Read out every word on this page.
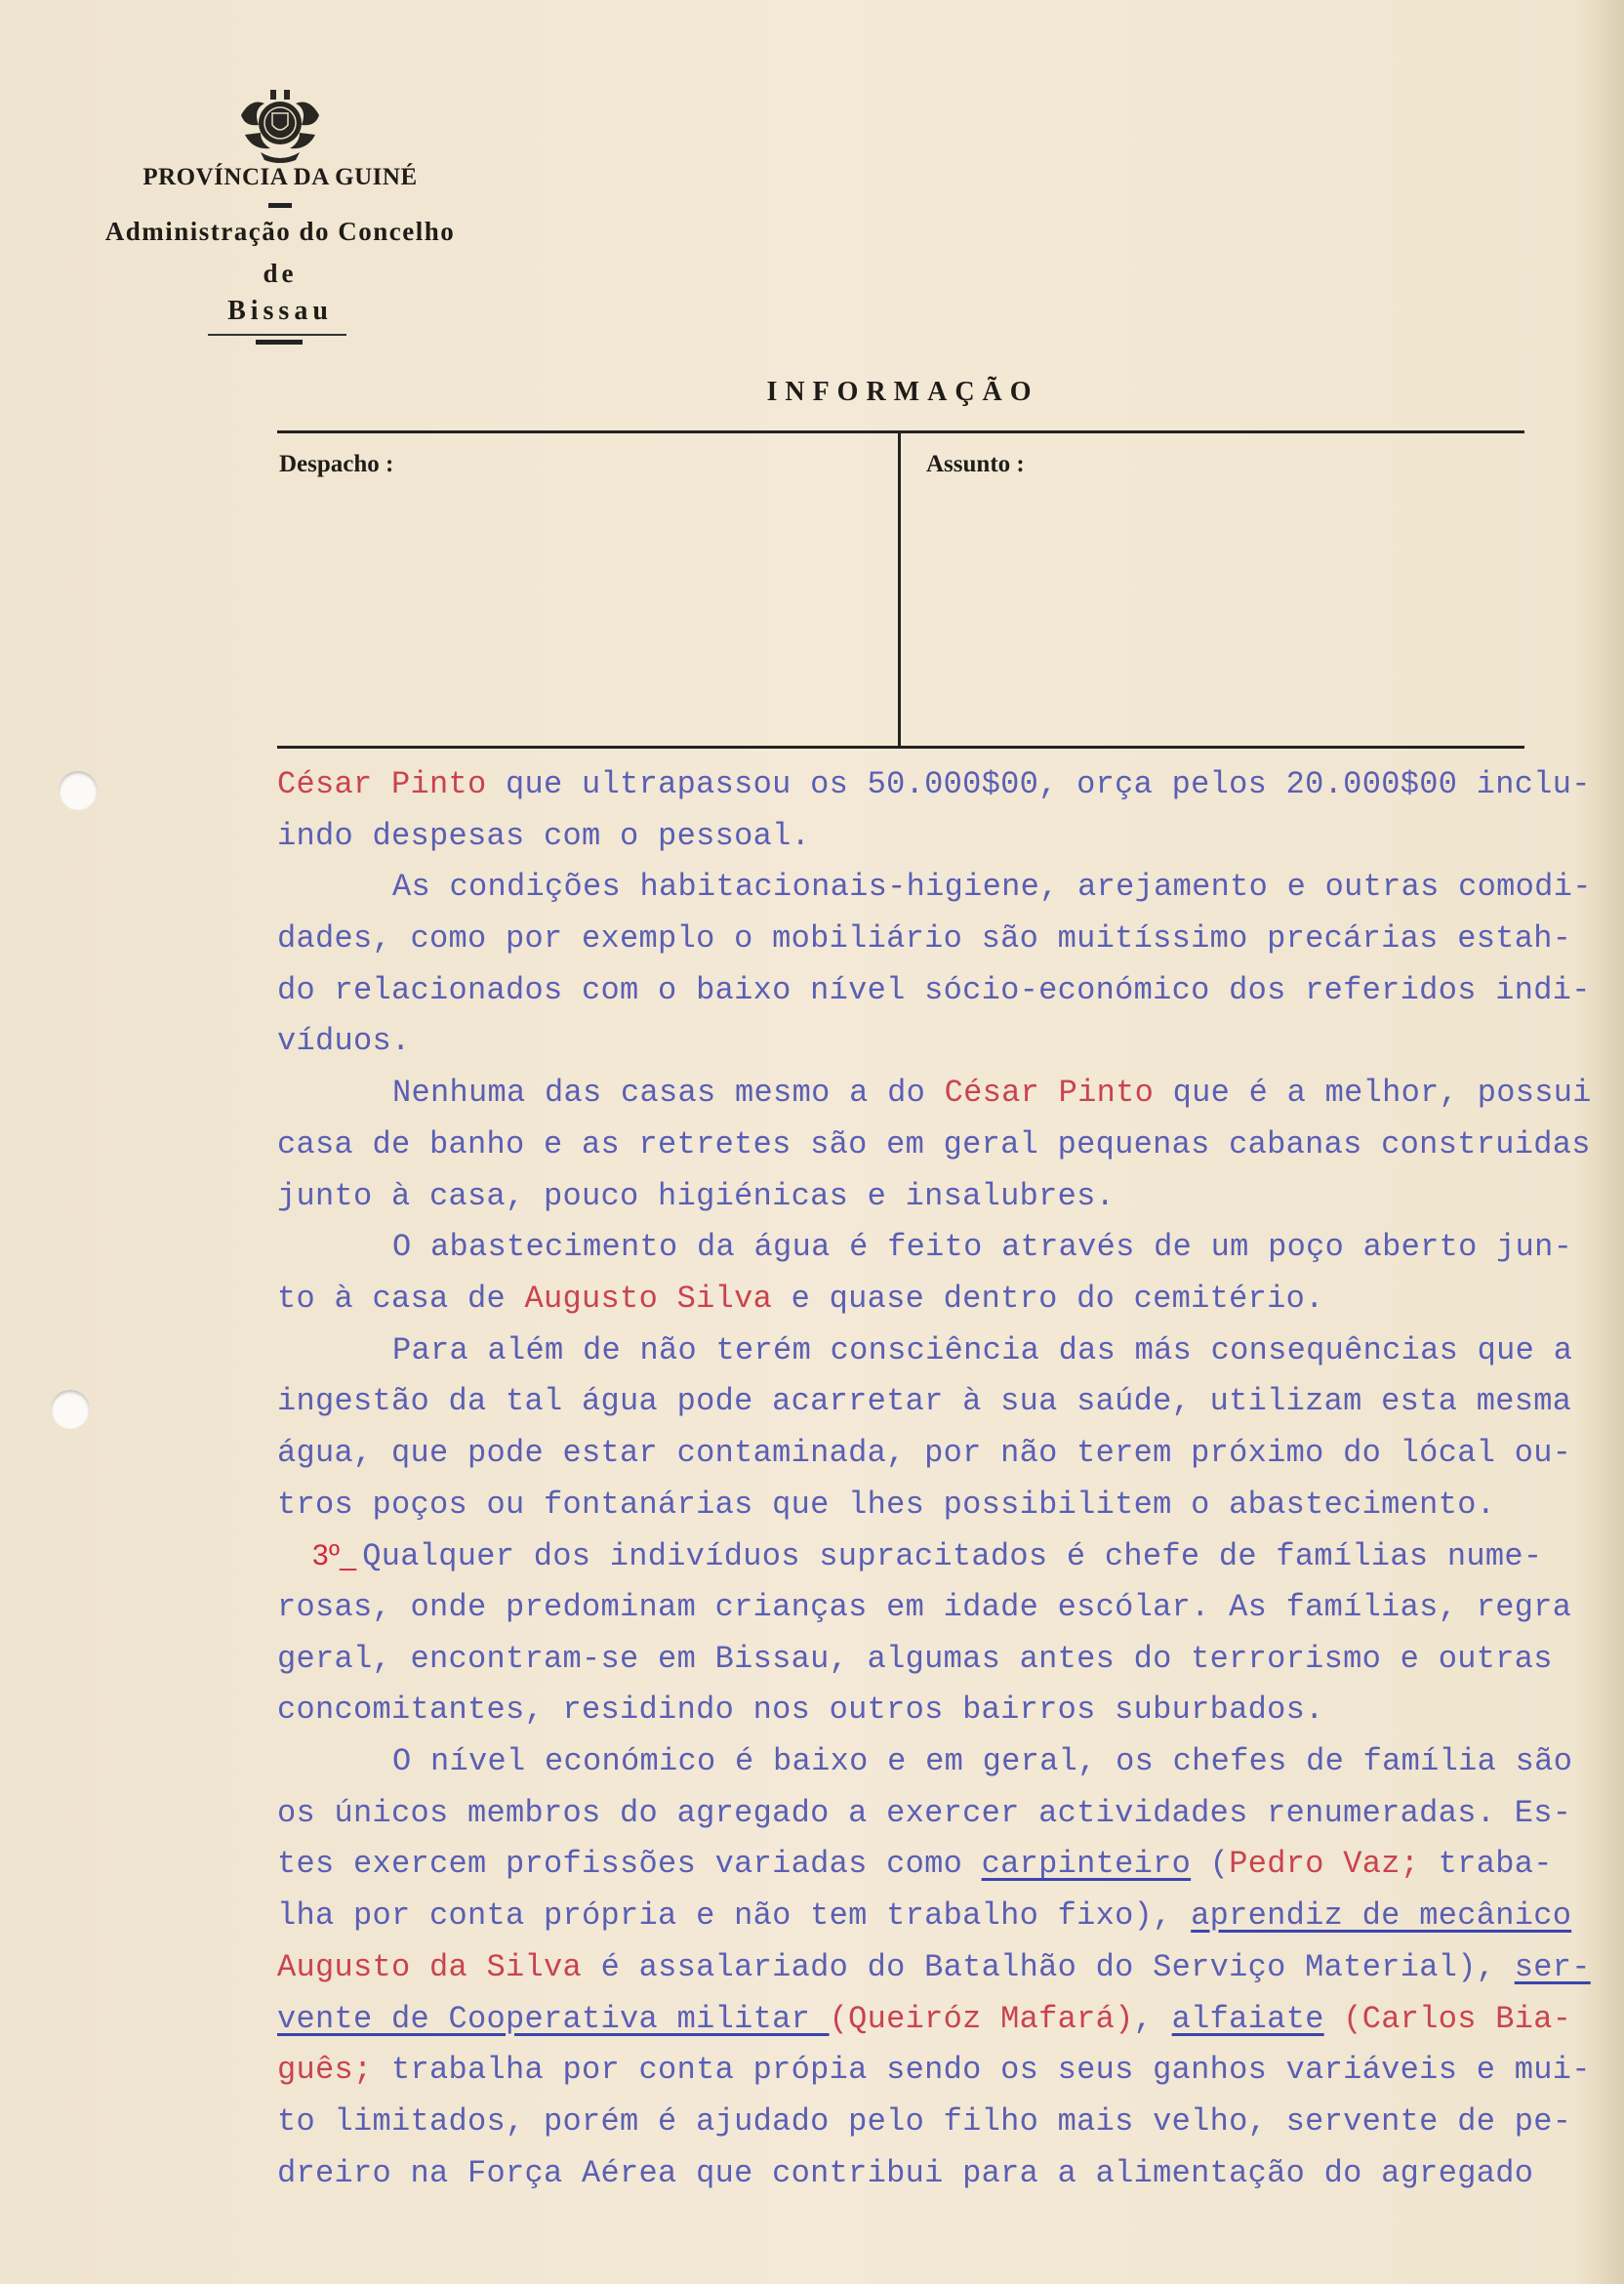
PROVÍNCIA DA GUINÉ
Administração do Concelho
de
Bissau
INFORMAÇÃO
Despacho :	Assunto :
César Pinto que ultrapassou os 50.000$00, orça pelos 20.000$00 inclu-
indo despesas com o pessoal.
As condições habitacionais-higiene, arejamento e outras comodi-
dades, como por exemplo o mobiliário são muitíssimo precárias estah-
do relacionados com o baixo nível sócio-económico dos referidos indi-
víduos.
Nenhuma das casas mesmo a do César Pinto que é a melhor, possui
casa de banho e as retretes são em geral pequenas cabanas construidas
junto à casa, pouco higiénicas e insalubres.
O abastecimento da água é feito através de um poço aberto jun-
to à casa de Augusto Silva e quase dentro do cemitério.
Para além de não terém consciência das más consequências que a
ingestão da tal água pode acarretar à sua saúde, utilizam esta mesma
água, que pode estar contaminada, por não terem próximo do lócal ou-
tros poços ou fontanárias que lhes possibilitem o abastecimento.
3º_ Qualquer dos indivíduos supracitados é chefe de famílias nume-
rosas, onde predominam crianças em idade escólar. As famílias, regra
geral, encontram-se em Bissau, algumas antes do terrorismo e outras
concomitantes, residindo nos outros bairros suburbados.
O nível económico é baixo e em geral, os chefes de família são
os únicos membros do agregado a exercer actividades renumeradas. Es-
tes exercem profissões variadas como carpinteiro (Pedro Vaz; traba-
lha por conta própria e não tem trabalho fixo), aprendiz de mecânico
Augusto da Silva é assalariado do Batalhão do Serviço Material), ser-
vente de Cooperativa militar (Queiróz Mafará), alfaiate (Carlos Bia-
guês; trabalha por conta própia sendo os seus ganhos variáveis e mui-
to limitados, porém é ajudado pelo filho mais velho, servente de pe-
dreiro na Força Aérea que contribui para a alimentação do agregado
